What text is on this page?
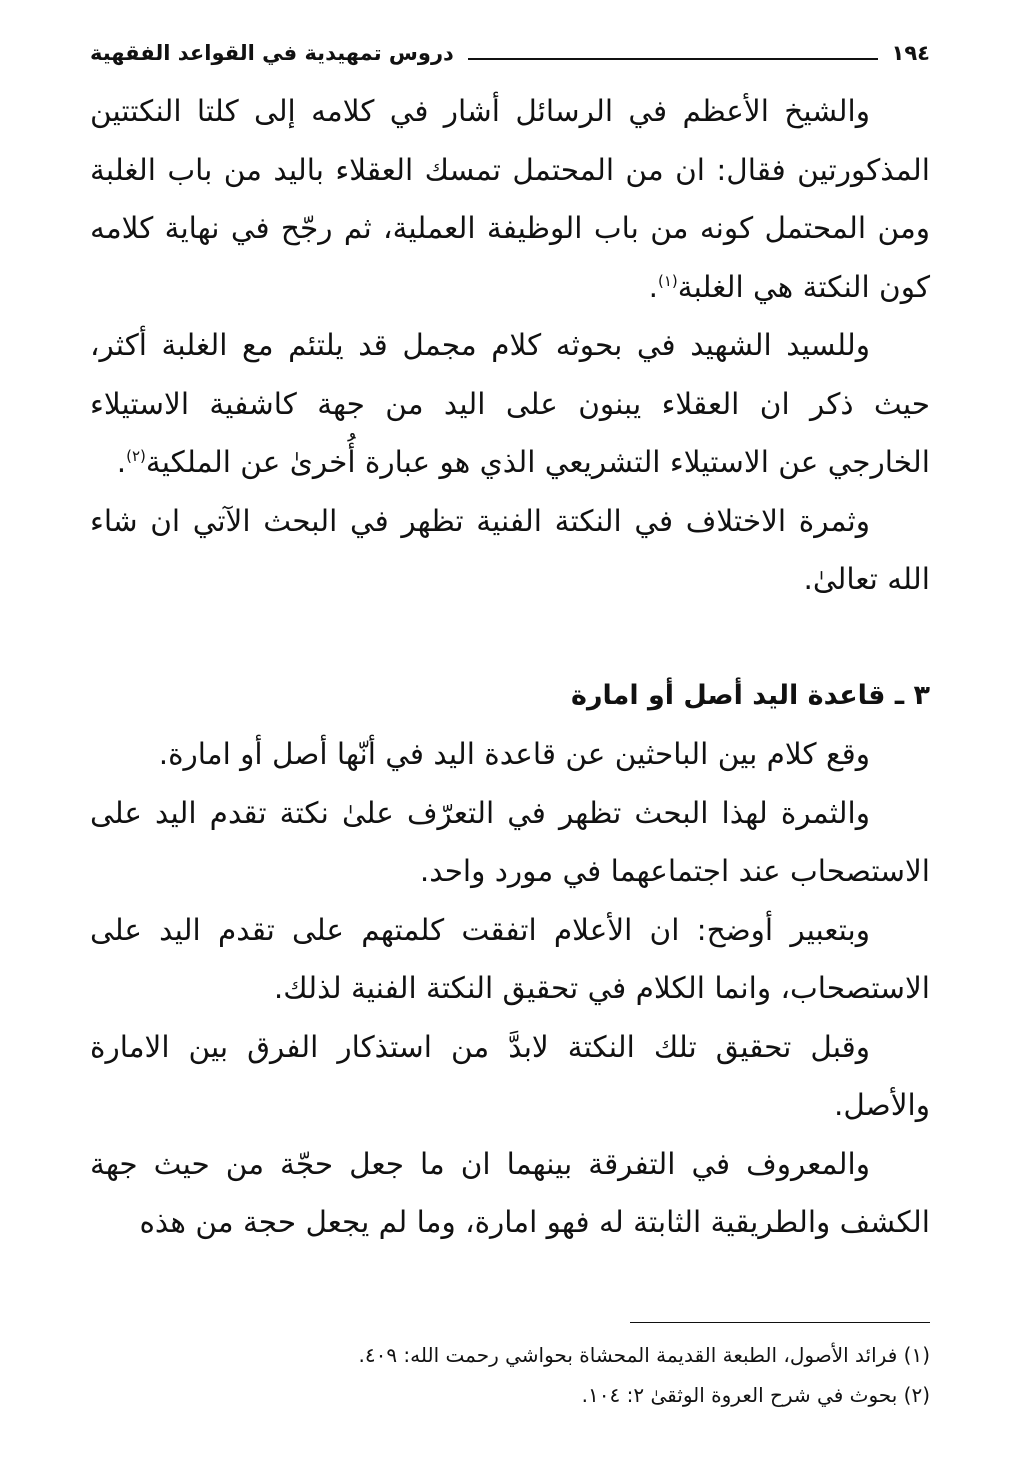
١٩٤
دروس تمهيدية في القواعد الفقهية

والشيخ الأعظم في الرسائل أشار في كلامه إلى كلتا النكتتين المذكورتين فقال: ان من المحتمل تمسك العقلاء باليد من باب الغلبة ومن المحتمل كونه من باب الوظيفة العملية، ثم رجّح في نهاية كلامه كون النكتة هي الغلبة$^{(١)}$.

وللسيد الشهيد في بحوثه كلام مجمل قد يلتئم مع الغلبة أكثر، حيث ذكر ان العقلاء يبنون على اليد من جهة كاشفية الاستيلاء الخارجي عن الاستيلاء التشريعي الذي هو عبارة أُخرىٰ عن الملكية$^{(٢)}$.

وثمرة الاختلاف في النكتة الفنية تظهر في البحث الآتي ان شاء الله تعالىٰ.

٣ ـ قاعدة اليد أصل أو امارة

وقع كلام بين الباحثين عن قاعدة اليد في أنّها أصل أو امارة.

والثمرة لهذا البحث تظهر في التعرّف علىٰ نكتة تقدم اليد على الاستصحاب عند اجتماعهما في مورد واحد.

وبتعبير أوضح: ان الأعلام اتفقت كلمتهم على تقدم اليد على الاستصحاب، وانما الكلام في تحقيق النكتة الفنية لذلك.

وقبل تحقيق تلك النكتة لابدَّ من استذكار الفرق بين الامارة والأصل.

والمعروف في التفرقة بينهما ان ما جعل حجّة من حيث جهة الكشف والطريقية الثابتة له فهو امارة، وما لم يجعل حجة من هذه

(١) فرائد الأصول، الطبعة القديمة المحشاة بحواشي رحمت الله: ٤٠٩.
(٢) بحوث في شرح العروة الوثقىٰ ٢: ١٠٤.
